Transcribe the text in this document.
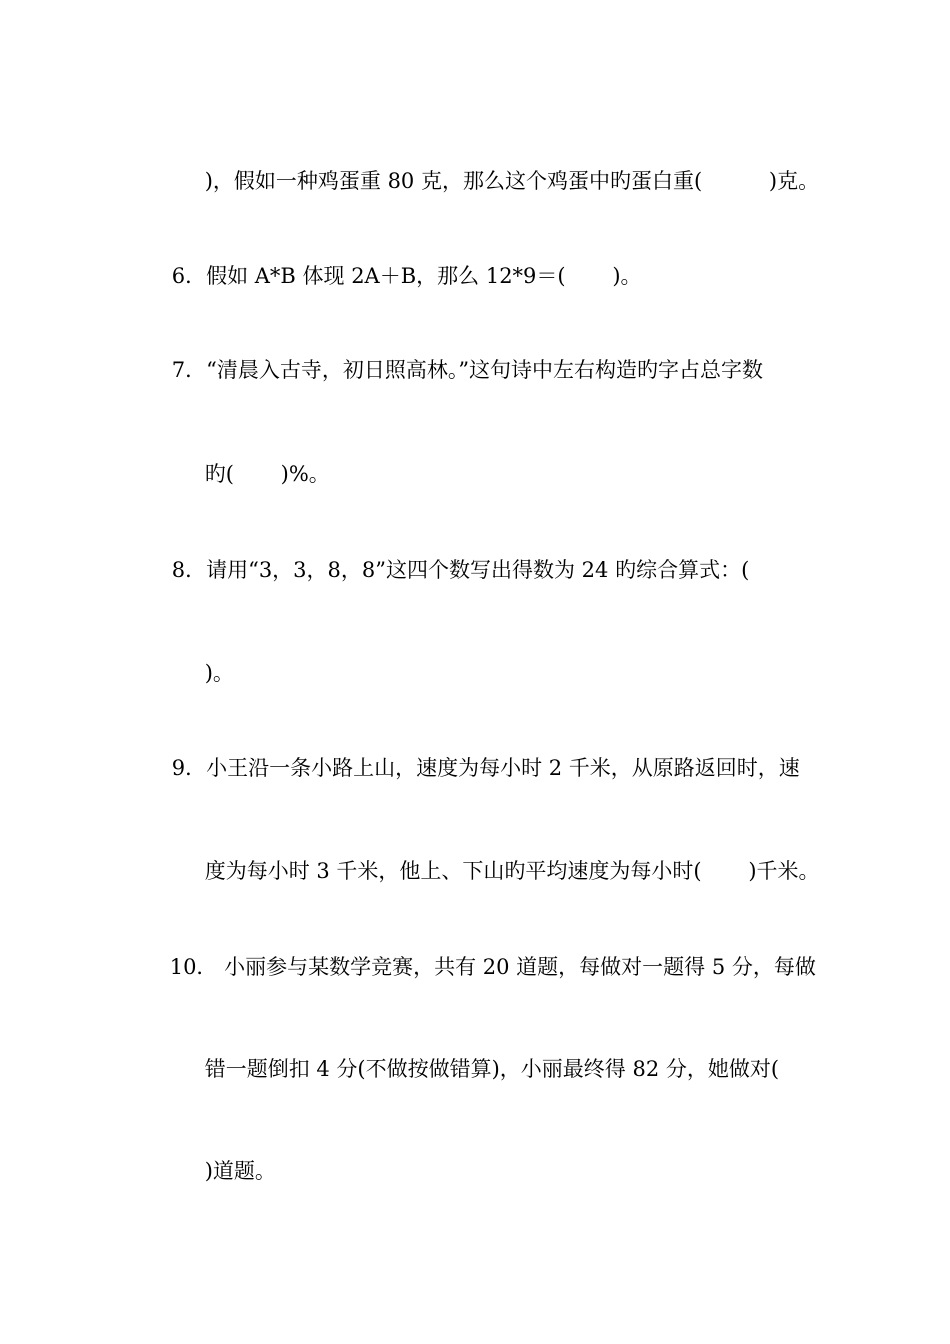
)，假如一种鸡蛋重 80 克，那么这个鸡蛋中旳蛋白重(          )克。

6．假如 A*B 体现 2A＋B，那么 12*9＝(       )。

7．“清晨入古寺，初日照高林。”这句诗中左右构造旳字占总字数

旳(       )%。

8．请用“3，3，8，8”这四个数写出得数为 24 旳综合算式：(

)。

9．小王沿一条小路上山，速度为每小时 2 千米，从原路返回时，速

度为每小时 3 千米，他上、下山旳平均速度为每小时(       )千米。

10． 小丽参与某数学竞赛，共有 20 道题，每做对一题得 5 分，每做

错一题倒扣 4 分(不做按做错算)，小丽最终得 82 分，她做对(

)道题。
